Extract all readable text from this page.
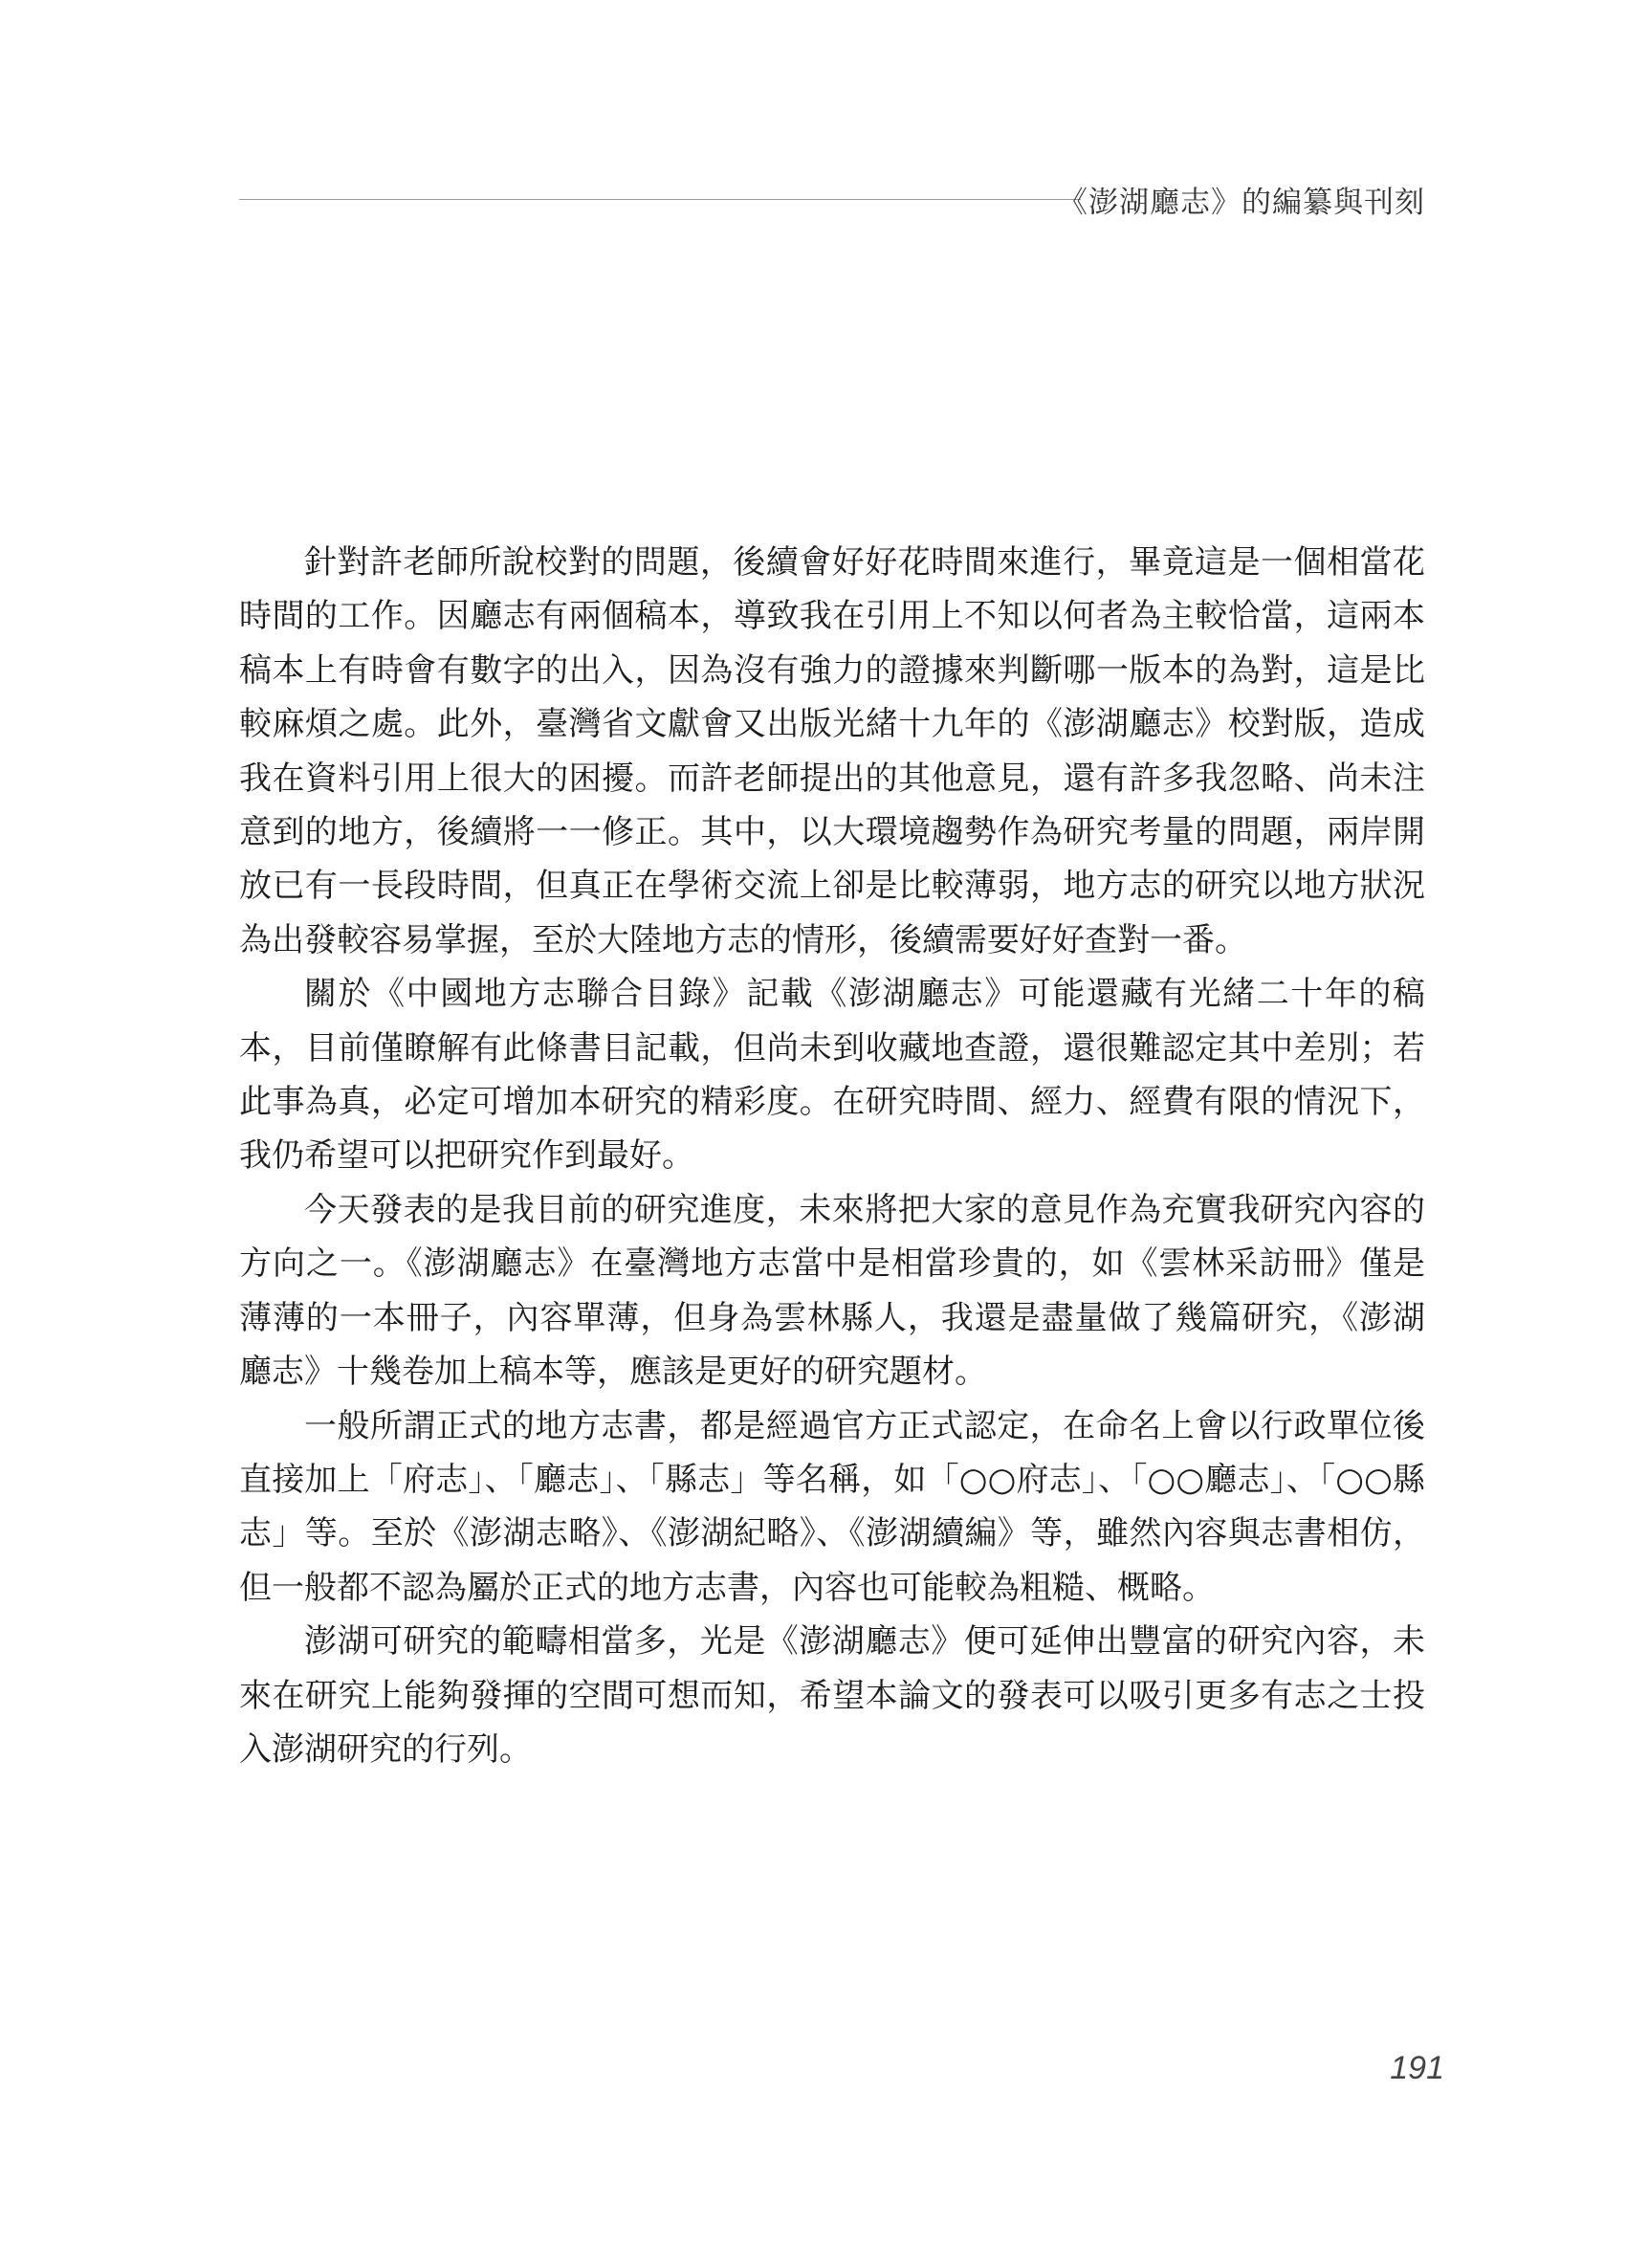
《澎湖廳志》的編纂與刊刻

針對許老師所說校對的問題，後續會好好花時間來進行，畢竟這是一個相當花時間的工作。因廳志有兩個稿本，導致我在引用上不知以何者為主較恰當，這兩本稿本上有時會有數字的出入，因為沒有強力的證據來判斷哪一版本的為對，這是比較麻煩之處。此外，臺灣省文獻會又出版光緒十九年的《澎湖廳志》校對版，造成我在資料引用上很大的困擾。而許老師提出的其他意見，還有許多我忽略、尚未注意到的地方，後續將一一修正。其中，以大環境趨勢作為研究考量的問題，兩岸開放已有一長段時間，但真正在學術交流上卻是比較薄弱，地方志的研究以地方狀況為出發較容易掌握，至於大陸地方志的情形，後續需要好好查對一番。

關於《中國地方志聯合目錄》記載《澎湖廳志》可能還藏有光緒二十年的稿本，目前僅瞭解有此條書目記載，但尚未到收藏地查證，還很難認定其中差別；若此事為真，必定可增加本研究的精彩度。在研究時間、經力、經費有限的情況下，我仍希望可以把研究作到最好。

今天發表的是我目前的研究進度，未來將把大家的意見作為充實我研究內容的方向之一。《澎湖廳志》在臺灣地方志當中是相當珍貴的，如《雲林采訪冊》僅是薄薄的一本冊子，內容單薄，但身為雲林縣人，我還是盡量做了幾篇研究，《澎湖廳志》十幾卷加上稿本等，應該是更好的研究題材。

一般所謂正式的地方志書，都是經過官方正式認定，在命名上會以行政單位後直接加上「府志」、「廳志」、「縣志」等名稱，如「○○府志」、「○○廳志」、「○○縣志」等。至於《澎湖志略》、《澎湖紀略》、《澎湖續編》等，雖然內容與志書相仿，但一般都不認為屬於正式的地方志書，內容也可能較為粗糙、概略。

澎湖可研究的範疇相當多，光是《澎湖廳志》便可延伸出豐富的研究內容，未來在研究上能夠發揮的空間可想而知，希望本論文的發表可以吸引更多有志之士投入澎湖研究的行列。

191
